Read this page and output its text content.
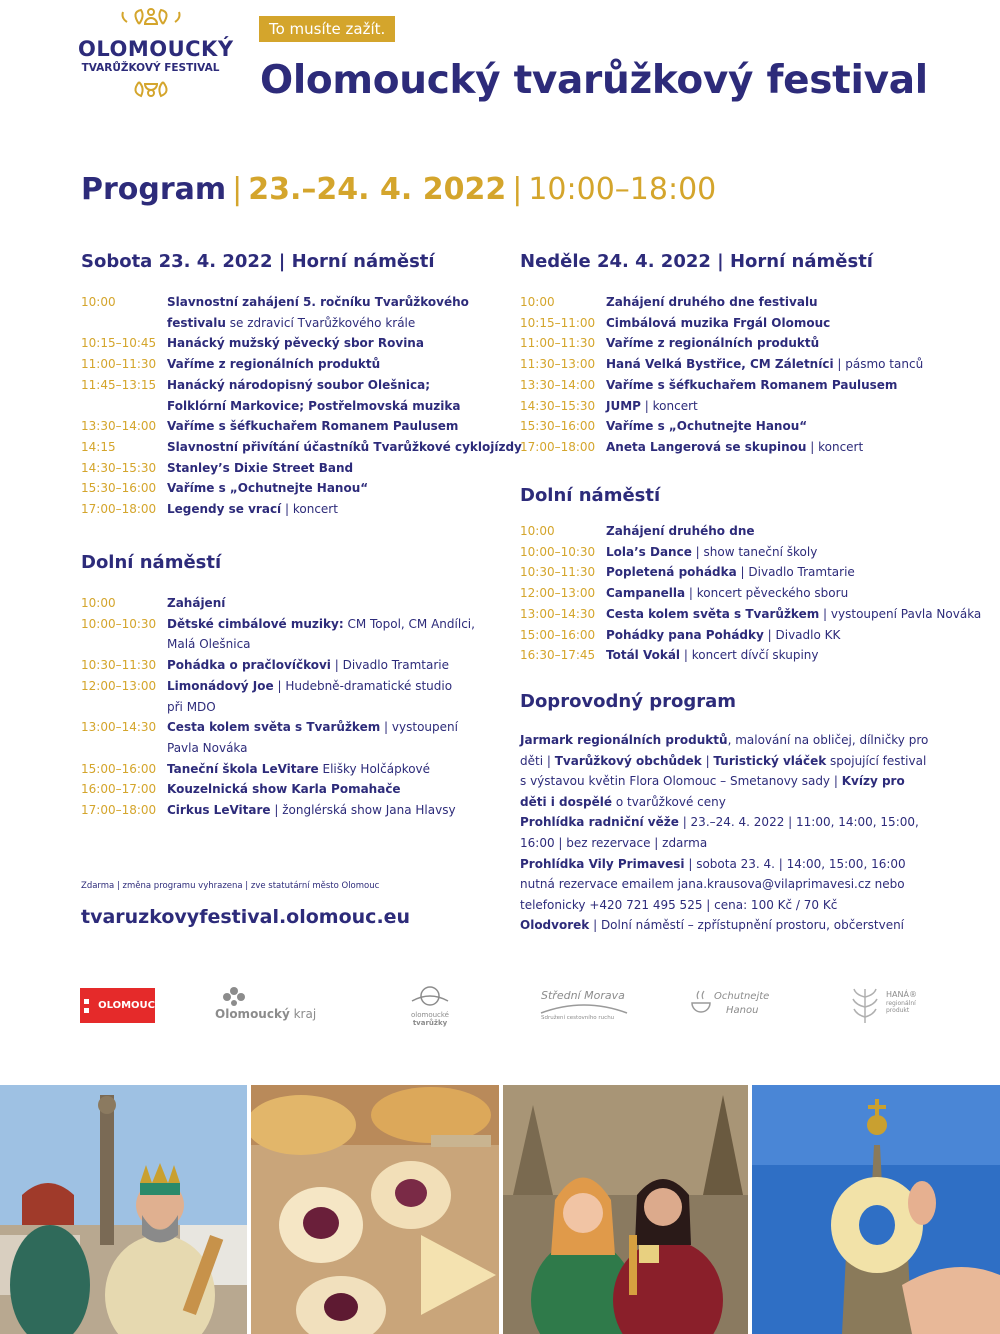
OLOMOUCKÝ
TVARŮŽKOVÝ FESTIVAL
To musíte zažít.
Olomoucký tvarůžkový festival
Program | 23.–24. 4. 2022 | 10:00–18:00
Sobota 23. 4. 2022 | Horní náměstí
10:00	Slavnostní zahájení 5. ročníku Tvarůžkového
festivalu se zdravicí Tvarůžkového krále
10:15–10:45 Hanácký mužský pěvecký sbor Rovina
11:00–11:30 Vaříme z regionálních produktů
11:45–13:15 Hanácký národopisný soubor Olešnica;
Folklórní Markovice; Postřelmovská muzika
13:30–14:00 Vaříme s šéfkuchařem Romanem Paulusem
14:15	Slavnostní přivítání účastníků Tvarůžkové cyklojízdy
14:30–15:30 Stanley’s Dixie Street Band
15:30–16:00 Vaříme s „Ochutnejte Hanou“
17:00–18:00 Legendy se vrací | koncert
Dolní náměstí
10:00	Zahájení
10:00–10:30 Dětské cimbálové muziky: CM Topol, CM Andílci,
Malá Olešnica
10:30–11:30 Pohádka o pračlovíčkovi | Divadlo Tramtarie
12:00–13:00 Limonádový Joe | Hudebně-dramatické studio
při MDO
13:00–14:30 Cesta kolem světa s Tvarůžkem | vystoupení
Pavla Nováka
15:00–16:00 Taneční škola LeVitare Elišky Holčápkové
16:00–17:00 Kouzelnická show Karla Pomahače
17:00–18:00 Cirkus LeVitare | žonglérská show Jana Hlavsy
Neděle 24. 4. 2022 | Horní náměstí
10:00	Zahájení druhého dne festivalu
10:15–11:00 Cimbálová muzika Frgál Olomouc
11:00–11:30 Vaříme z regionálních produktů
11:30–13:00 Haná Velká Bystřice, CM Záletníci | pásmo tanců
13:30–14:00 Vaříme s šéfkuchařem Romanem Paulusem
14:30–15:30 JUMP | koncert
15:30–16:00 Vaříme s „Ochutnejte Hanou“
17:00–18:00 Aneta Langerová se skupinou | koncert
Dolní náměstí
10:00	Zahájení druhého dne
10:00–10:30 Lola’s Dance | show taneční školy
10:30–11:30 Popletená pohádka | Divadlo Tramtarie
12:00–13:00 Campanella | koncert pěveckého sboru
13:00–14:30 Cesta kolem světa s Tvarůžkem | vystoupení Pavla Nováka
15:00–16:00 Pohádky pana Pohádky | Divadlo KK
16:30–17:45 Totál Vokál | koncert dívčí skupiny
Doprovodný program

Jarmark regionálních produktů, malování na obličej, dílničky pro děti | Tvarůžkový obchůdek | Turistický vláček spojující festival s výstavou květin Flora Olomouc – Smetanovy sady | Kvízy pro děti i dospělé o tvarůžkové ceny

Prohlídka radniční věže | 23.–24. 4. 2022 | 11:00, 14:00, 15:00, 16:00 | bez rezervace | zdarma

Prohlídka Vily Primavesi | sobota 23. 4. | 14:00, 15:00, 16:00 nutná rezervace emailem jana.krausova@vilaprimavesi.cz nebo telefonicky +420 721 495 525 | cena: 100 Kč / 70 Kč

Olodvorek | Dolní náměstí – zpřístupnění prostoru, občerstvení

Zdarma | změna programu vyhrazena | zve statutární město Olomouc
tvaruzkovyfestival.olomouc.eu
OLOMOUC
Olomoucký kraj	olomoucké
tvarůžky
Střední Morava
Sdružení cestovního ruchu
Ochutnejte
Hanou
HANÁ®
regionální
produkt
